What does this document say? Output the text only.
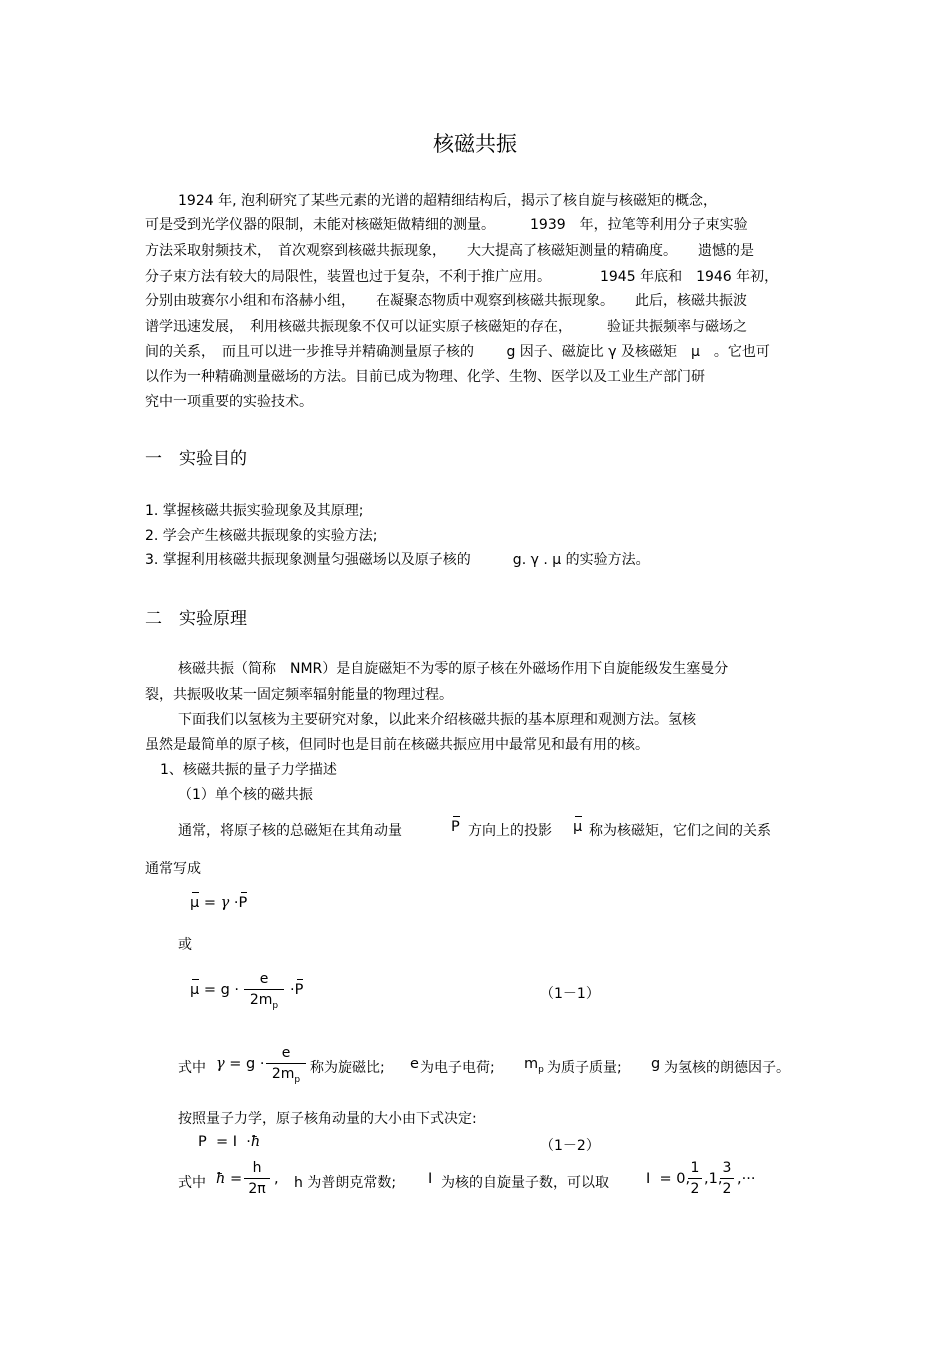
核磁共振
1924 年, 泡利研究了某些元素的光谱的超精细结构后，揭示了核自旋与核磁矩的概念，
可是受到光学仪器的限制，未能对核磁矩做精细的测量。　　　1939　年，拉笔等利用分子束实验
方法采取射频技术，　首次观察到核磁共振现象，　　大大提高了核磁矩测量的精确度。　　遗憾的是
分子束方法有较大的局限性，装置也过于复杂，不利于推广应用。　　　　1945 年底和　1946 年初，
分别由玻赛尔小组和布洛赫小组，　　在凝聚态物质中观察到核磁共振现象。　　此后，核磁共振波
谱学迅速发展，　利用核磁共振现象不仅可以证实原子核磁矩的存在，　　　验证共振频率与磁场之
间的关系，　而且可以进一步推导并精确测量原子核的　　 g 因子、磁旋比 γ 及核磁矩　μ　。它也可
以作为一种精确测量磁场的方法。目前已成为物理、化学、生物、医学以及工业生产部门研
究中一项重要的实验技术。
一　实验目的
1. 掌握核磁共振实验现象及其原理;
2. 学会产生核磁共振现象的实验方法;
3. 掌握利用核磁共振现象测量匀强磁场以及原子核的　　　g. γ . μ 的实验方法。
二　实验原理
核磁共振（简称　NMR）是自旋磁矩不为零的原子核在外磁场作用下自旋能级发生塞曼分
裂，共振吸收某一固定频率辐射能量的物理过程。
下面我们以氢核为主要研究对象，以此来介绍核磁共振的基本原理和观测方法。氢核
虽然是最简单的原子核，但同时也是目前在核磁共振应用中最常见和最有用的核。
1、核磁共振的量子力学描述
（1）单个核的磁共振
通常，将原子核的总磁矩在其角动量	P 方向上的投影 μ 称为核磁矩，它们之间的关系
通常写成
μ = γ ·P
或
μ = g ·
e
$2m_p$
·P	（1－1）
式中 γ = g ·
e
$2m_p$
称为旋磁比; e 为电子电荷; $m_p$ 为质子质量; g 为氢核的朗德因子。
按照量子力学，原子核角动量的大小由下式决定:
P  = I  ·ħ	（1－2）
式中 ħ =
h
2π
, h 为普朗克常数; I 为核的自旋量子数，可以取	I  = 0,
1
2
,1,
3
2
,···
